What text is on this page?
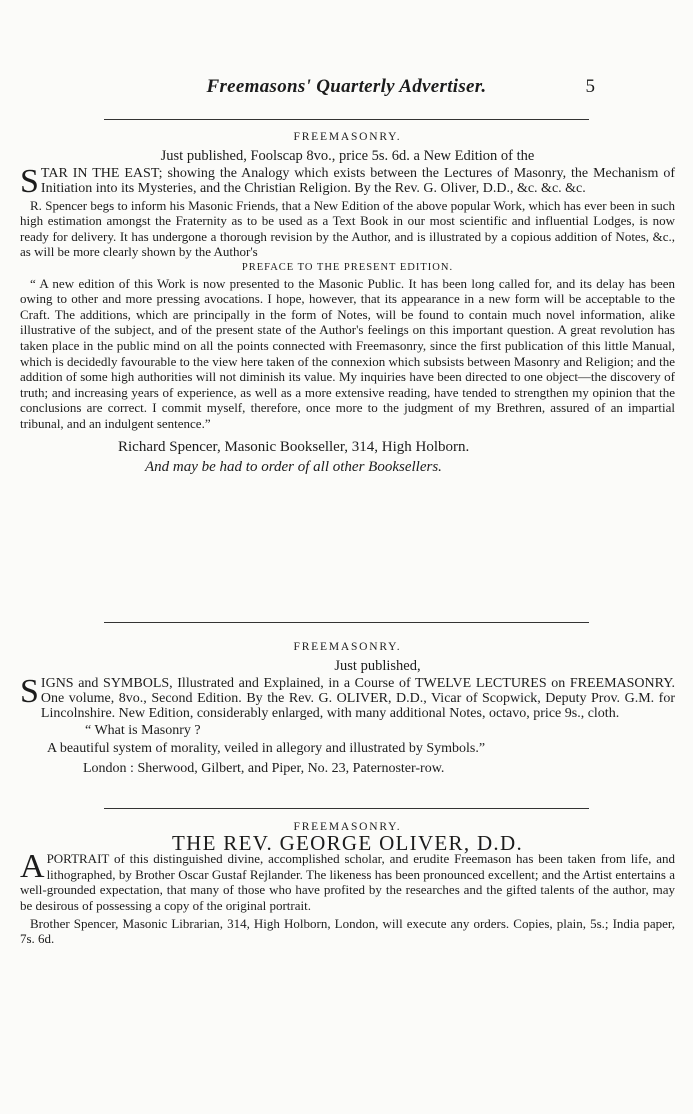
Freemasons' Quarterly Advertiser.	5

FREEMASONRY.

Just published, Foolscap 8vo., price 5s. 6d. a New Edition of the

STAR IN THE EAST; showing the Analogy which exists between the Lectures of Masonry, the Mechanism of Initiation into its Mysteries, and the Christian Religion. By the Rev. G. Oliver, D.D., &c. &c. &c.

R. Spencer begs to inform his Masonic Friends, that a New Edition of the above popular Work, which has ever been in such high estimation amongst the Fraternity as to be used as a Text Book in our most scientific and influential Lodges, is now ready for delivery. It has undergone a thorough revision by the Author, and is illustrated by a copious addition of Notes, &c., as will be more clearly shown by the Author's

PREFACE TO THE PRESENT EDITION.

“ A new edition of this Work is now presented to the Masonic Public. It has been long called for, and its delay has been owing to other and more pressing avocations. I hope, however, that its appearance in a new form will be acceptable to the Craft. The additions, which are principally in the form of Notes, will be found to contain much novel information, alike illustrative of the subject, and of the present state of the Author's feelings on this important question. A great revolution has taken place in the public mind on all the points connected with Freemasonry, since the first publication of this little Manual, which is decidedly favourable to the view here taken of the connexion which subsists between Masonry and Religion; and the addition of some high authorities will not diminish its value. My inquiries have been directed to one object—the discovery of truth; and increasing years of experience, as well as a more extensive reading, have tended to strengthen my opinion that the conclusions are correct. I commit myself, therefore, once more to the judgment of my Brethren, assured of an impartial tribunal, and an indulgent sentence.”

Richard Spencer, Masonic Bookseller, 314, High Holborn.

And may be had to order of all other Booksellers.

FREEMASONRY.

Just published,

SIGNS and SYMBOLS, Illustrated and Explained, in a Course of TWELVE LECTURES on FREEMASONRY. One volume, 8vo., Second Edition. By the Rev. G. OLIVER, D.D., Vicar of Scopwick, Deputy Prov. G.M. for Lincolnshire. New Edition, considerably enlarged, with many additional Notes, octavo, price 9s., cloth.

“ What is Masonry ?

A beautiful system of morality, veiled in allegory and illustrated by Symbols.”

London : Sherwood, Gilbert, and Piper, No. 23, Paternoster-row.

FREEMASONRY.

THE REV. GEORGE OLIVER, D.D.

APORTRAIT of this distinguished divine, accomplished scholar, and erudite Freemason has been taken from life, and lithographed, by Brother Oscar Gustaf Rejlander. The likeness has been pronounced excellent; and the Artist entertains a well-grounded expectation, that many of those who have profited by the researches and the gifted talents of the author, may be desirous of possessing a copy of the original portrait.

Brother Spencer, Masonic Librarian, 314, High Holborn, London, will execute any orders. Copies, plain, 5s.; India paper, 7s. 6d.
